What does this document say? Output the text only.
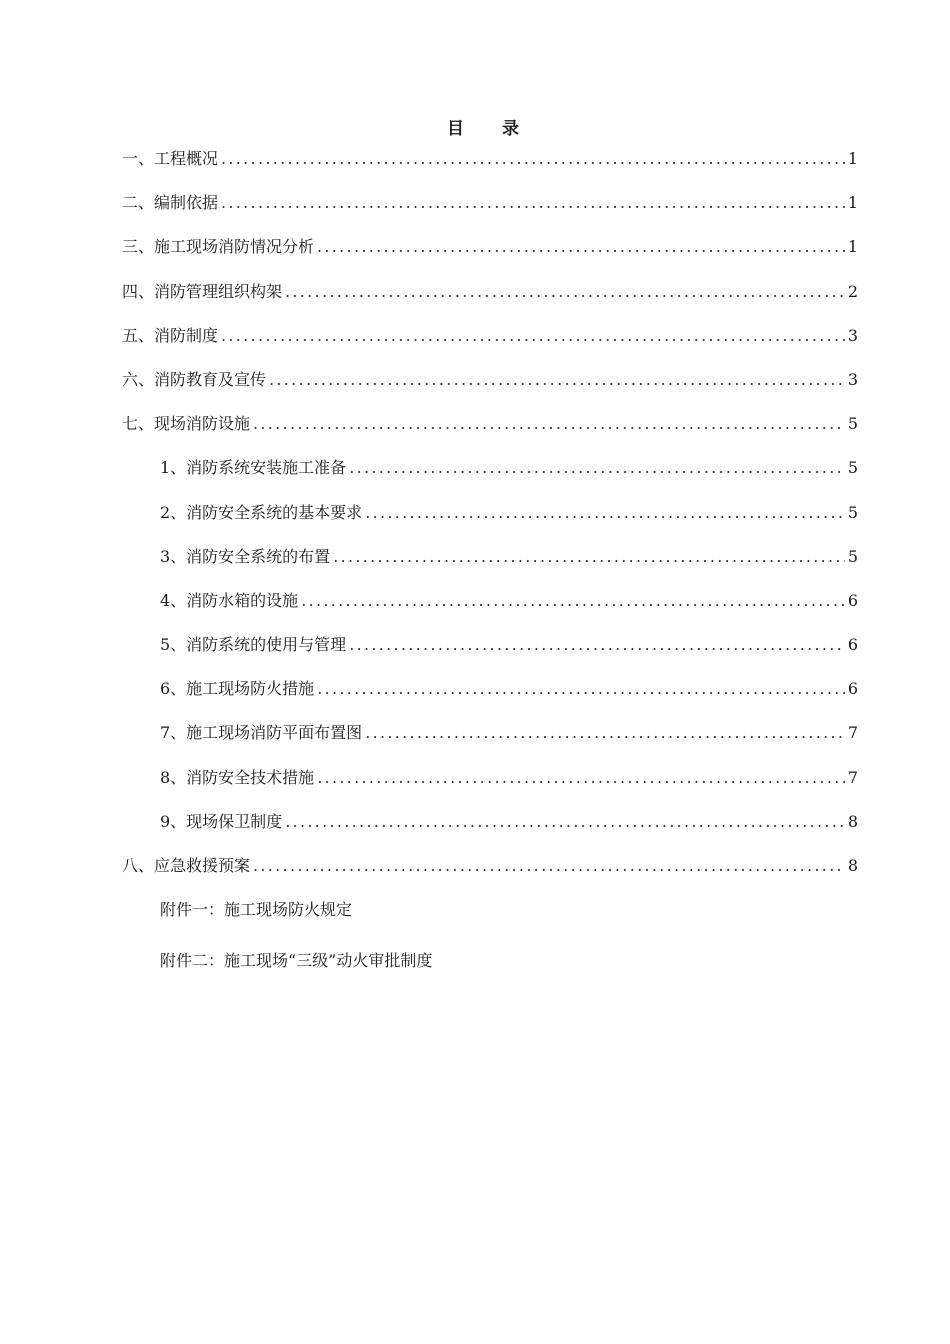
目 录
一、工程概况 .....	1
二、编制依据 .....	1
三、施工现场消防情况分析 .....	1
四、消防管理组织构架 .....	2
五、消防制度 .....	3
六、消防教育及宣传 .....	3
七、现场消防设施 .....	5
1、消防系统安装施工准备 .....	5
2、消防安全系统的基本要求 .....	5
3、消防安全系统的布置 .....	5
4、消防水箱的设施 .....	6
5、消防系统的使用与管理 .....	6
6、施工现场防火措施 .....	6
7、施工现场消防平面布置图 .....	7
8、消防安全技术措施 .....	7
9、现场保卫制度 .....	8
八、应急救援预案 .....	8
附件一：施工现场防火规定
附件二：施工现场“三级”动火审批制度
